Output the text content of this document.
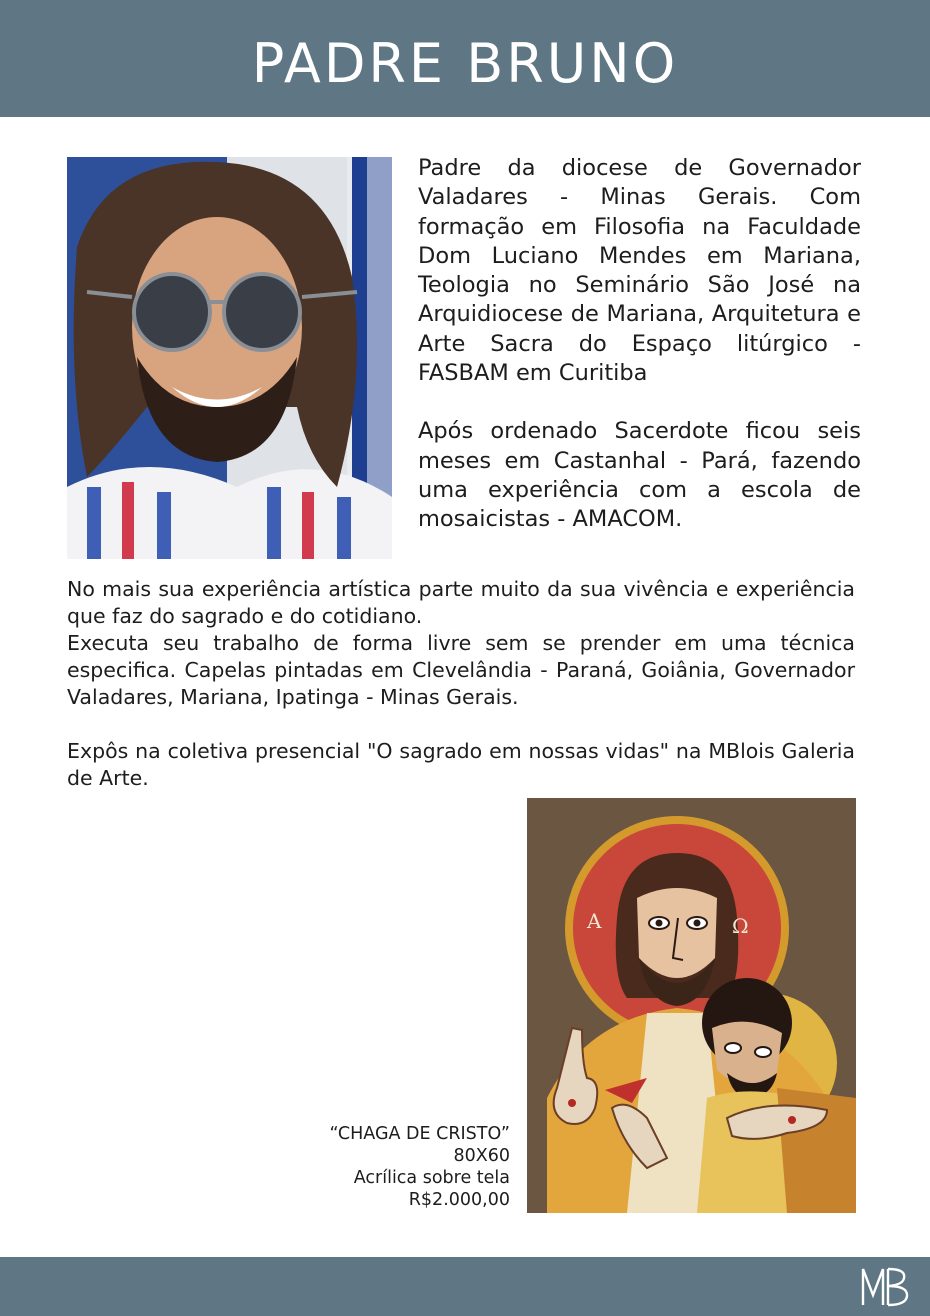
PADRE BRUNO

Padre da diocese de Governador Valadares - Minas Gerais. Com formação em Filosofia na Faculdade Dom Luciano Mendes em Mariana, Teologia no Seminário São José na Arquidiocese de Mariana, Arquitetura e Arte Sacra do Espaço litúrgico - FASBAM em Curitiba

Após ordenado Sacerdote ficou seis meses em Castanhal - Pará, fazendo uma experiência com a escola de mosaicistas - AMACOM.

No mais sua experiência artística parte muito da sua vivência e experiência que faz do sagrado e do cotidiano.

Executa seu trabalho de forma livre sem se prender em uma técnica especifica. Capelas pintadas em Clevelândia - Paraná, Goiânia, Governador Valadares, Mariana, Ipatinga - Minas Gerais.

Expôs na coletiva presencial "O sagrado em nossas vidas" na MBlois Galeria de Arte.

A	Ω
“CHAGA DE CRISTO”
80X60
Acrílica sobre tela
R$2.000,00
